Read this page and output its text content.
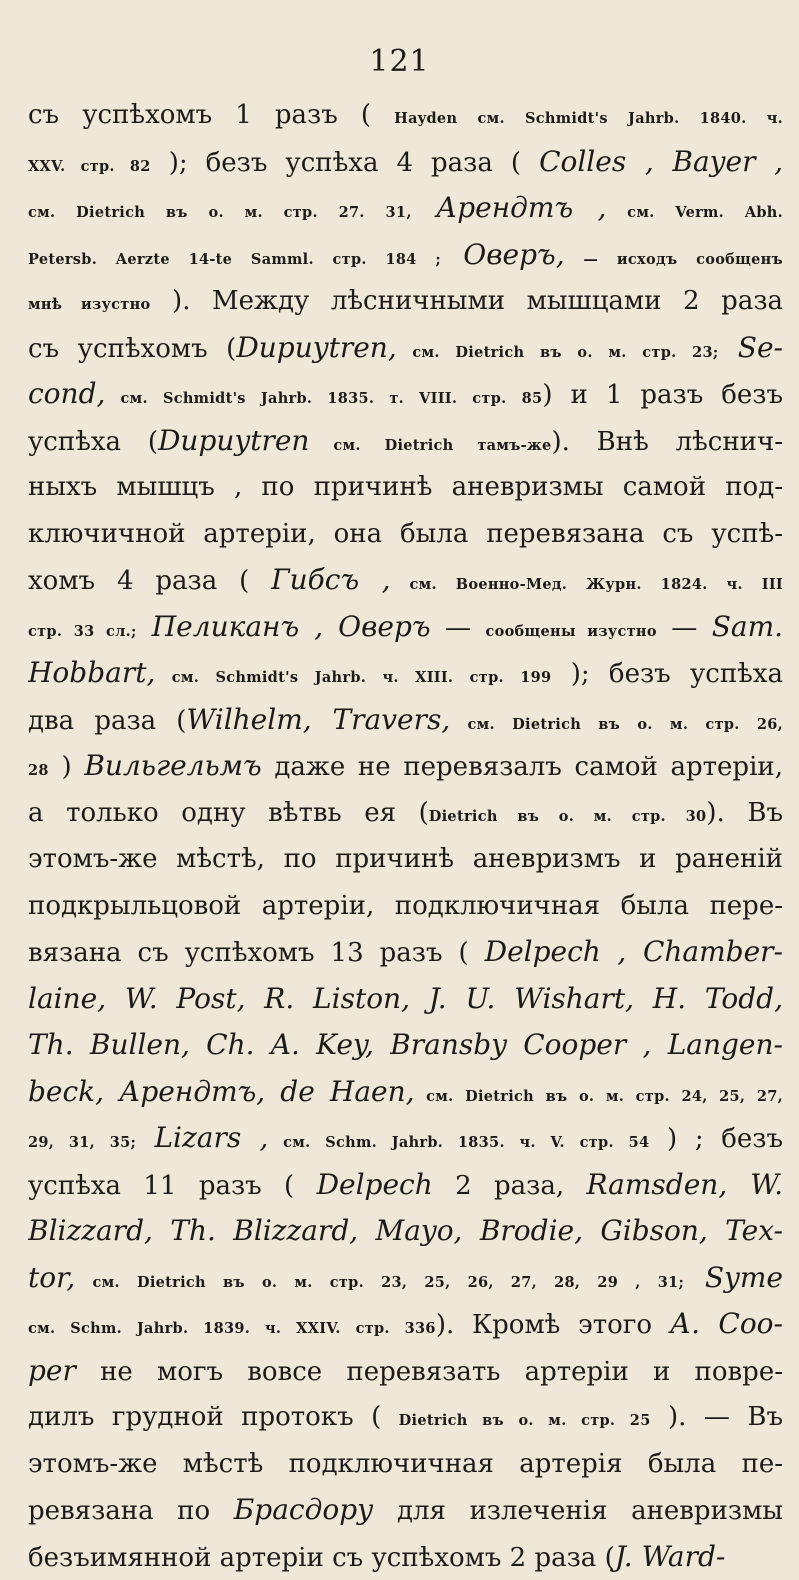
121
съ успѣхомъ 1 разъ ( Hayden см. Schmidt's Jahrb. 1840. ч.
XXV. стр. 82 ); безъ успѣха 4 раза ( Colles , Bayer ,
см. Dietrich въ о. м. стр. 27. 31, Арендтъ , см. Verm. Abh.
Petersb. Aerzte 14-te Samml. стр. 184 ; Оверъ, — исходъ сообщенъ
мнѣ изустно ). Между лѣсничными мышцами 2 раза
съ успѣхомъ (Dupuytren, см. Dietrich въ о. м. стр. 23; Se-
cond, см. Schmidt's Jahrb. 1835. т. VIII. стр. 85) и 1 разъ безъ
успѣха (Dupuytren см. Dietrich тамъ-же). Внѣ лѣснич-
ныхъ мышцъ , по причинѣ аневризмы самой под-
ключичной артеріи, она была перевязана съ успѣ-
хомъ 4 раза ( Гибсъ , см. Военно-Мед. Журн. 1824. ч. III
стр. 33 сл.; Пеликанъ , Оверъ — сообщены изустно — Sam.
Hobbart, см. Schmidt's Jahrb. ч. XIII. стр. 199 ); безъ успѣха
два раза (Wilhelm, Travers, см. Dietrich въ о. м. стр. 26,
28 ) Вильгельмъ даже не перевязалъ самой артеріи,
а только одну вѣтвь ея (Dietrich въ о. м. стр. 30). Въ
этомъ-же мѣстѣ, по причинѣ аневризмъ и раненій
подкрыльцовой артеріи, подключичная была пере-
вязана съ успѣхомъ 13 разъ ( Delpech , Chamber-
laine, W. Post, R. Liston, J. U. Wishart, H. Todd,
Th. Bullen, Ch. A. Key, Bransby Cooper , Langen-
beck, Арендтъ, de Haen, см. Dietrich въ о. м. стр. 24, 25, 27,
29, 31, 35; Lizars , см. Schm. Jahrb. 1835. ч. V. стр. 54 ) ; безъ
успѣха 11 разъ ( Delpech 2 раза, Ramsden, W.
Blizzard, Th. Blizzard, Mayo, Brodie, Gibson, Tex-
tor, см. Dietrich въ о. м. стр. 23, 25, 26, 27, 28, 29 , 31; Syme
см. Schm. Jahrb. 1839. ч. XXIV. стр. 336). Кромѣ этого А. Coo-
per не могъ вовсе перевязать артеріи и повре-
дилъ грудной протокъ ( Dietrich въ о. м. стр. 25 ). — Въ
этомъ-же мѣстѣ подключичная артерія была пе-
ревязана по Брасдору для излеченія аневризмы
безъимянной артеріи съ успѣхомъ 2 раза (J. Ward-
